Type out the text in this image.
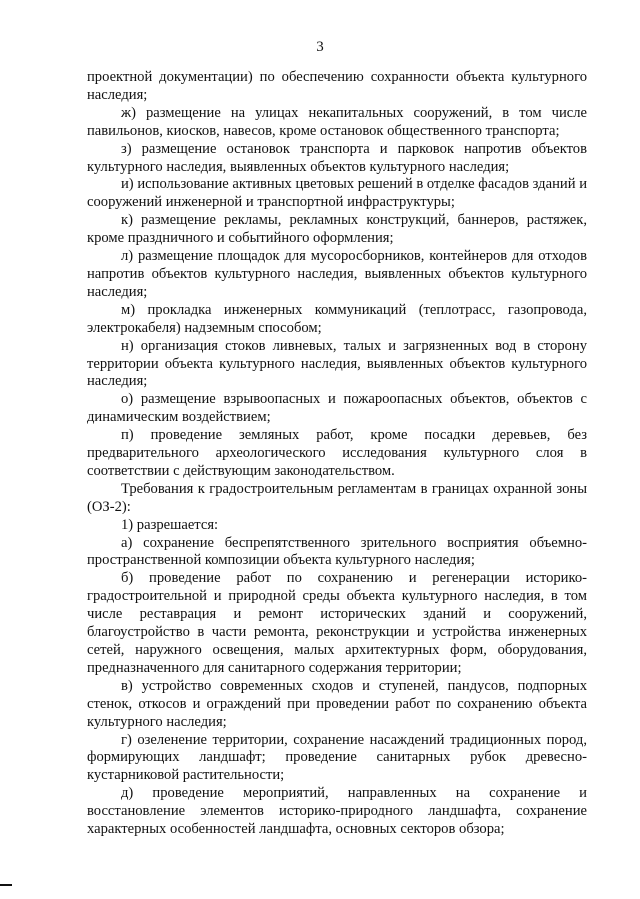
3

проектной документации) по обеспечению сохранности объекта культурного наследия;

ж) размещение на улицах некапитальных сооружений, в том числе павильонов, киосков, навесов, кроме остановок общественного транспорта;

з) размещение остановок транспорта и парковок напротив объектов культурного наследия, выявленных объектов культурного наследия;

и) использование активных цветовых решений в отделке фасадов зданий и сооружений инженерной и транспортной инфраструктуры;

к) размещение рекламы, рекламных конструкций, баннеров, растяжек, кроме праздничного и событийного оформления;

л) размещение площадок для мусоросборников, контейнеров для отходов напротив объектов культурного наследия, выявленных объектов культурного наследия;

м) прокладка инженерных коммуникаций (теплотрасс, газопровода, электрокабеля) надземным способом;

н) организация стоков ливневых, талых и загрязненных вод в сторону территории объекта культурного наследия, выявленных объектов культурного наследия;

о) размещение взрывоопасных и пожароопасных объектов, объектов с динамическим воздействием;

п) проведение земляных работ, кроме посадки деревьев, без предварительного археологического исследования культурного слоя в соответствии с действующим законодательством.

Требования к градостроительным регламентам в границах охранной зоны (ОЗ-2):

1) разрешается:

а) сохранение беспрепятственного зрительного восприятия объемно-пространственной композиции объекта культурного наследия;

б) проведение работ по сохранению и регенерации историко-градостроительной и природной среды объекта культурного наследия, в том числе реставрация и ремонт исторических зданий и сооружений, благоустройство в части ремонта, реконструкции и устройства инженерных сетей, наружного освещения, малых архитектурных форм, оборудования, предназначенного для санитарного содержания территории;

в) устройство современных сходов и ступеней, пандусов, подпорных стенок, откосов и ограждений при проведении работ по сохранению объекта культурного наследия;

г) озеленение территории, сохранение насаждений традиционных пород, формирующих ландшафт; проведение санитарных рубок древесно-кустарниковой растительности;

д) проведение мероприятий, направленных на сохранение и восстановление элементов историко-природного ландшафта, сохранение характерных особенностей ландшафта, основных секторов обзора;
